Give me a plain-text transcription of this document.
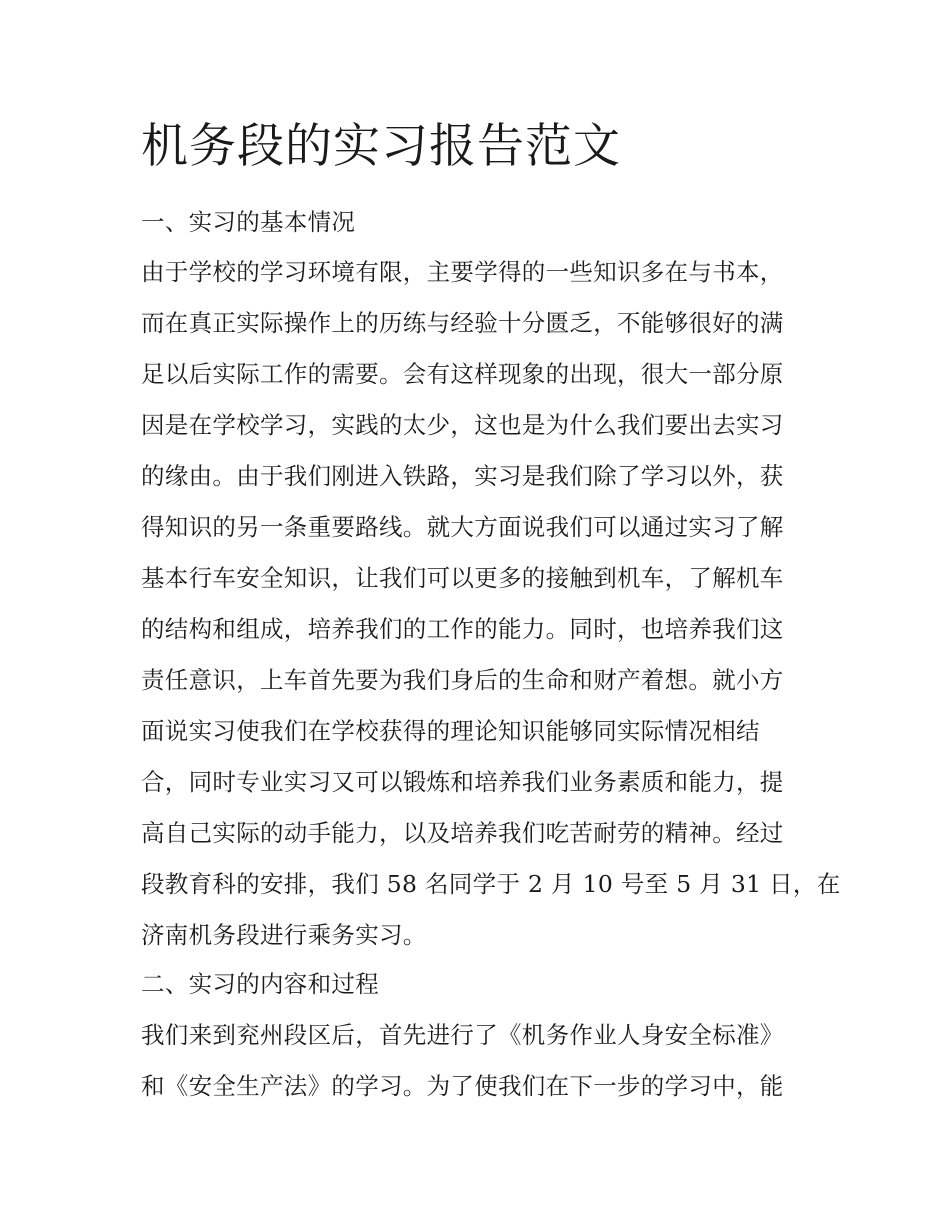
机务段的实习报告范文

一、实习的基本情况

由于学校的学习环境有限，主要学得的一些知识多在与书本，

而在真正实际操作上的历练与经验十分匮乏，不能够很好的满

足以后实际工作的需要。会有这样现象的出现，很大一部分原

因是在学校学习，实践的太少，这也是为什么我们要出去实习

的缘由。由于我们刚进入铁路，实习是我们除了学习以外，获

得知识的另一条重要路线。就大方面说我们可以通过实习了解

基本行车安全知识，让我们可以更多的接触到机车，了解机车

的结构和组成，培养我们的工作的能力。同时，也培养我们这

责任意识，上车首先要为我们身后的生命和财产着想。就小方

面说实习使我们在学校获得的理论知识能够同实际情况相结

合，同时专业实习又可以锻炼和培养我们业务素质和能力，提

高自己实际的动手能力，以及培养我们吃苦耐劳的精神。经过

段教育科的安排，我们 58 名同学于 2 月 10 号至 5 月 31 日，在

济南机务段进行乘务实习。

二、实习的内容和过程

我们来到兖州段区后，首先进行了《机务作业人身安全标准》

和《安全生产法》的学习。为了使我们在下一步的学习中，能
